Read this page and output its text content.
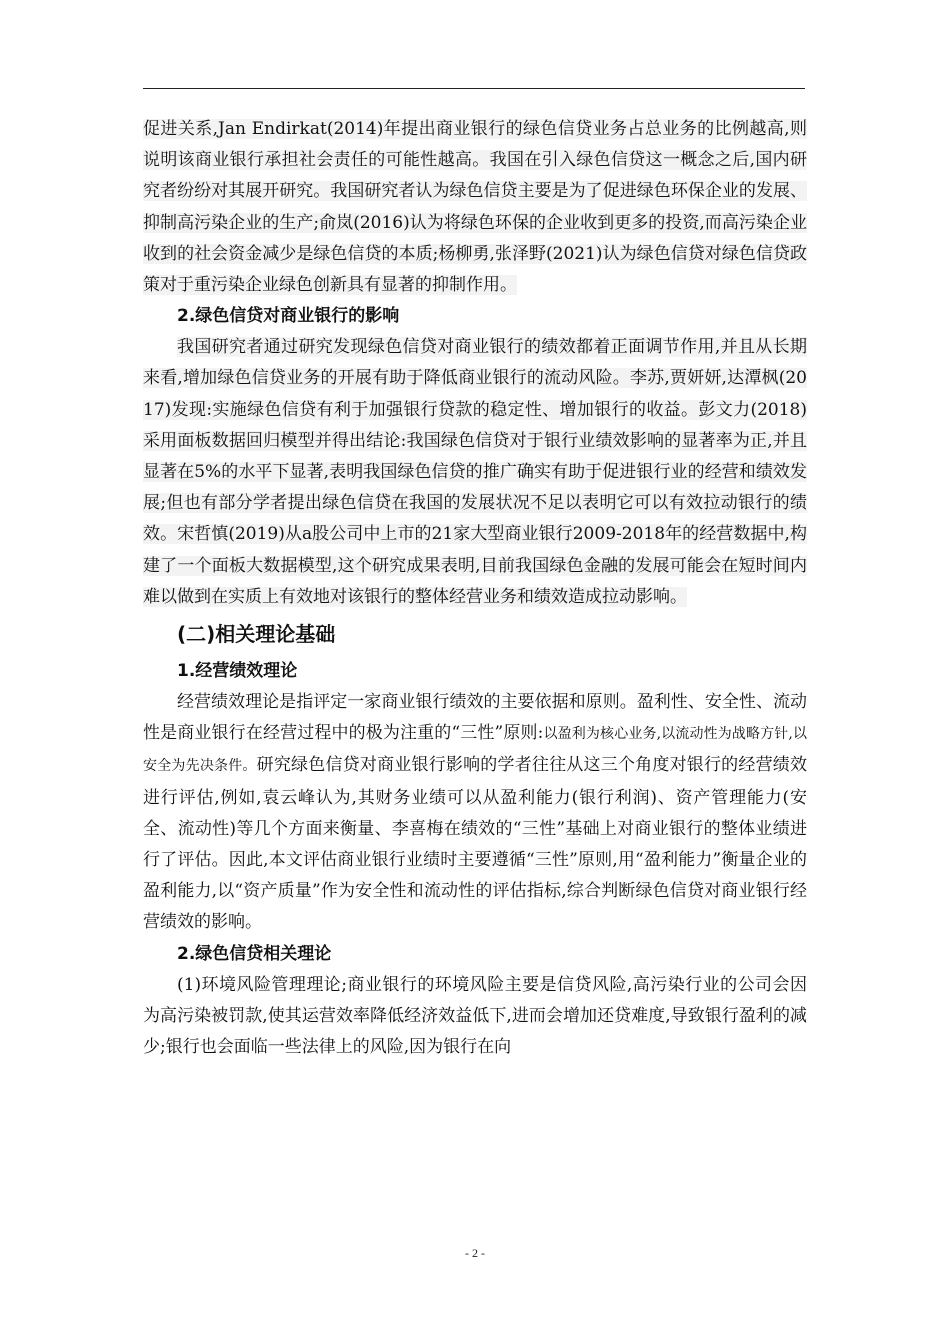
促进关系,Jan Endirkat(2014)年提出商业银行的绿色信贷业务占总业务的比例越高,则说明该商业银行承担社会责任的可能性越高。我国在引入绿色信贷这一概念之后,国内研究者纷纷对其展开研究。我国研究者认为绿色信贷主要是为了促进绿色环保企业的发展、抑制高污染企业的生产;俞岚(2016)认为将绿色环保的企业收到更多的投资,而高污染企业收到的社会资金减少是绿色信贷的本质;杨柳勇,张泽野(2021)认为绿色信贷对绿色信贷政策对于重污染企业绿色创新具有显著的抑制作用。

2.绿色信贷对商业银行的影响

我国研究者通过研究发现绿色信贷对商业银行的绩效都着正面调节作用,并且从长期来看,增加绿色信贷业务的开展有助于降低商业银行的流动风险。李苏,贾妍妍,达潭枫(2017)发现:实施绿色信贷有利于加强银行贷款的稳定性、增加银行的收益。彭文力(2018)采用面板数据回归模型并得出结论:我国绿色信贷对于银行业绩效影响的显著率为正,并且显著在5%的水平下显著,表明我国绿色信贷的推广确实有助于促进银行业的经营和绩效发展;但也有部分学者提出绿色信贷在我国的发展状况不足以表明它可以有效拉动银行的绩效。宋哲慎(2019)从a股公司中上市的21家大型商业银行2009-2018年的经营数据中,构建了一个面板大数据模型,这个研究成果表明,目前我国绿色金融的发展可能会在短时间内难以做到在实质上有效地对该银行的整体经营业务和绩效造成拉动影响。

(二)相关理论基础

1.经营绩效理论

经营绩效理论是指评定一家商业银行绩效的主要依据和原则。盈利性、安全性、流动性是商业银行在经营过程中的极为注重的“三性”原则:以盈利为核心业务,以流动性为战略方针,以安全为先决条件。研究绿色信贷对商业银行影响的学者往往从这三个角度对银行的经营绩效进行评估,例如,袁云峰认为,其财务业绩可以从盈利能力(银行利润)、资产管理能力(安全、流动性)等几个方面来衡量、李喜梅在绩效的“三性”基础上对商业银行的整体业绩进行了评估。因此,本文评估商业银行业绩时主要遵循“三性”原则,用“盈利能力”衡量企业的盈利能力,以“资产质量”作为安全性和流动性的评估指标,综合判断绿色信贷对商业银行经营绩效的影响。

2.绿色信贷相关理论

(1)环境风险管理理论;商业银行的环境风险主要是信贷风险,高污染行业的公司会因为高污染被罚款,使其运营效率降低经济效益低下,进而会增加还贷难度,导致银行盈利的减少;银行也会面临一些法律上的风险,因为银行在向

- 2 -
